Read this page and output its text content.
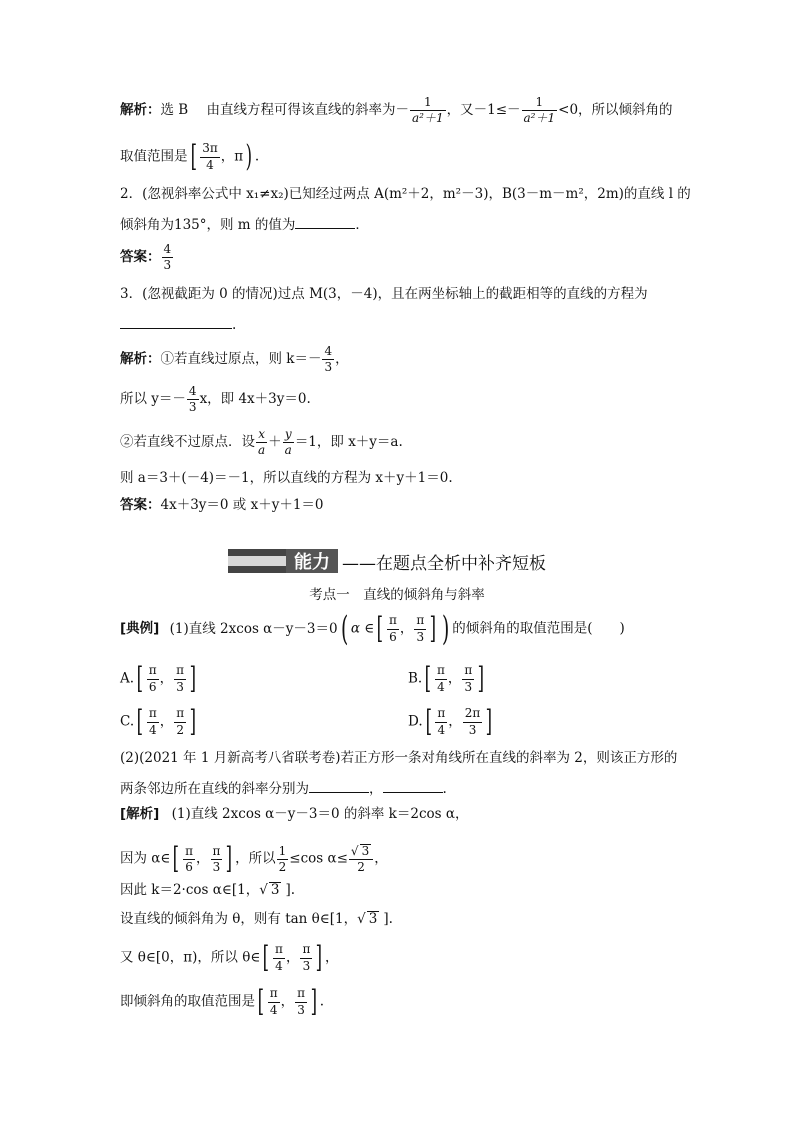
解析：选 B 由直线方程可得该直线的斜率为－ $\frac{1}{\text{a²＋1}}$ ，又$-1\le- \frac{1}{\text{a²＋1}} <0$，所以倾斜角的
取值范围是[ $\frac{3\pi}{4}$ ，π) .
2．(忽视斜率公式中 x₁≠x₂)已知经过两点 A(m²＋2，m²－3)，B(3－m－m²，2m)的直线 l 的
倾斜角为135°，则 m 的值为	．
答案： $\frac{4}{3}$
3．(忽视截距为 0 的情况)过点 M(3，－4)，且在两坐标轴上的截距相等的直线的方程为
.
解析：①若直线过原点，则 $k=- \frac{4}{3}$ ，
所以 $y=- \frac{4}{3}$ x，即 4x＋3y＝0.
②若直线不过原点．设 $\frac{x}{a} + \frac{y}{a} =1$，即 x＋y＝a.
则 a＝3＋(－4)＝－1，所以直线的方程为 x＋y＋1＝0.
答案：4x＋3y＝0 或 x＋y＋1＝0
能力 ——在题点全析中补齐短板
考点一　直线的倾斜角与斜率
[典例] (1)直线 2xcos α－y－3＝0( α ∈[ $\frac{\pi}{6}$ ， $\frac{\pi}{3}$ ] ) 的倾斜角的取值范围是(　　)
$A.[ \frac{\pi}{6}$ ， $\frac{\pi}{3}$ ]	$B.[ \frac{\pi}{4}$ ， $\frac{\pi}{3}$ ]
$C.[ \frac{\pi}{4}$ ， $\frac{\pi}{2}$ ]	$D.[ \frac{\pi}{4}$ ， $\frac{2\pi}{3}$ ]
(2)(2021 年 1 月新高考八省联考卷)若正方形一条对角线所在直线的斜率为 2，则该正方形的
两条邻边所在直线的斜率分别为	，	.
[解析] (1)直线 2xcos α－y－3＝0 的斜率 k＝2cos α，
因为 α∈[ $\frac{\pi}{6}$ ， $\frac{\pi}{3}$ ] ，所以 $\frac{1}{2} \le\cos$ $\alpha\le \frac{√ 3}{2}$ ，
因此 k＝2·cos α∈[1，√ 3 ].
设直线的倾斜角为 θ，则有 tan θ∈[1，√ 3 ].
又 θ∈[0，π)，所以 θ∈[ $\frac{\pi}{4}$ ， $\frac{\pi}{3}$ ] ，
即倾斜角的取值范围是[ $\frac{\pi}{4}$ ， $\frac{\pi}{3}$ ] .
